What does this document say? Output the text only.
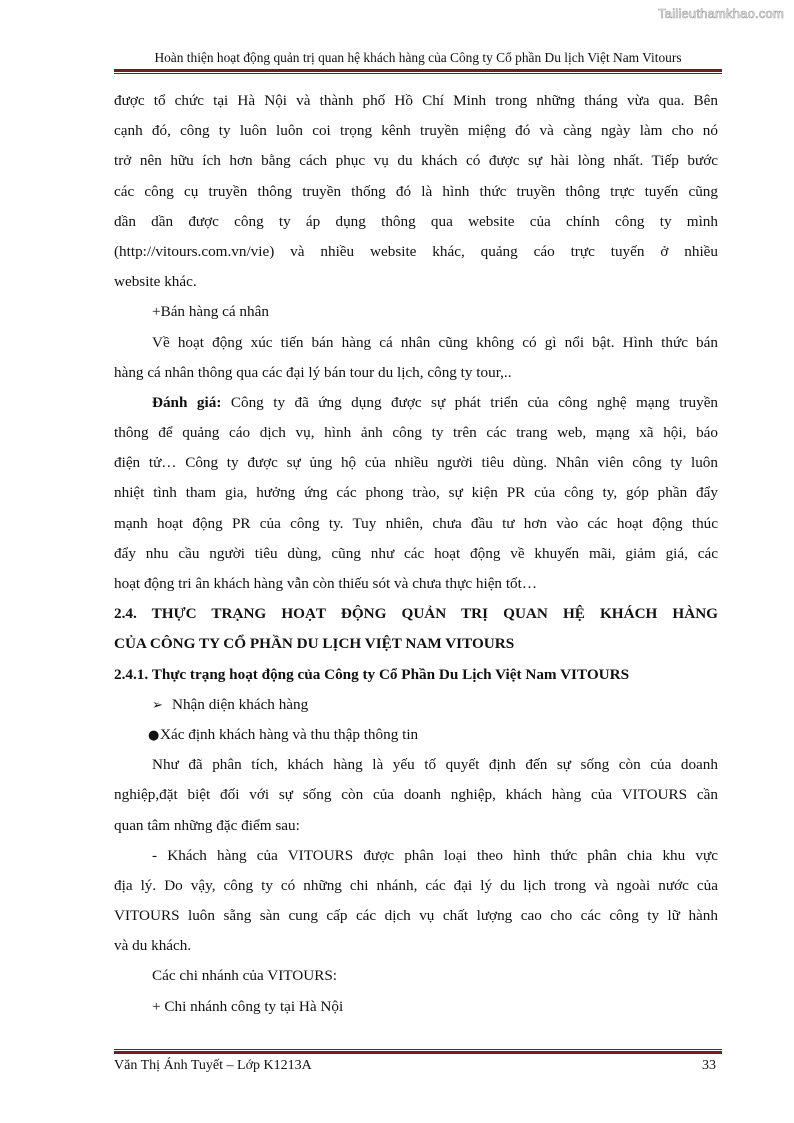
Tailieuthamkhao.com
Hoàn thiện hoạt động quản trị quan hệ khách hàng của Công ty Cổ phần Du lịch Việt Nam Vitours
được tổ chức tại Hà Nội và thành phố Hồ Chí Minh trong những tháng vừa qua. Bên
cạnh đó, công ty luôn luôn coi trọng kênh truyền miệng đó và càng ngày làm cho nó
trở nên hữu ích hơn bằng cách phục vụ du khách có được sự hài lòng nhất. Tiếp bước
các công cụ truyền thông truyền thống đó là hình thức truyền thông trực tuyến cũng
dần dần được công ty áp dụng thông qua website của chính công ty mình
(http://vitours.com.vn/vie) và nhiều website khác, quảng cáo trực tuyến ở nhiều
website khác.
+Bán hàng cá nhân
Về hoạt động xúc tiến bán hàng cá nhân cũng không có gì nổi bật. Hình thức bán
hàng cá nhân thông qua các đại lý bán tour du lịch, công ty tour,..
Đánh giá: Công ty đã ứng dụng được sự phát triển của công nghệ mạng truyền
thông để quảng cáo dịch vụ, hình ảnh công ty trên các trang web, mạng xã hội, báo
điện tử… Công ty được sự ủng hộ của nhiều người tiêu dùng. Nhân viên công ty luôn
nhiệt tình tham gia, hưởng ứng các phong trào, sự kiện PR của công ty, góp phần đẩy
mạnh hoạt động PR của công ty. Tuy nhiên, chưa đầu tư hơn vào các hoạt động thúc
đẩy nhu cầu người tiêu dùng, cũng như các hoạt động về khuyến mãi, giảm giá, các
hoạt động tri ân khách hàng vẫn còn thiếu sót và chưa thực hiện tốt…
2.4. THỰC TRẠNG HOẠT ĐỘNG QUẢN TRỊ QUAN HỆ KHÁCH HÀNG
CỦA CÔNG TY CỔ PHẦN DU LỊCH VIỆT NAM VITOURS
2.4.1. Thực trạng hoạt động của Công ty Cổ Phần Du Lịch Việt Nam VITOURS
➢ Nhận diện khách hàng
●Xác định khách hàng và thu thập thông tin
Như đã phân tích, khách hàng là yếu tố quyết định đến sự sống còn của doanh
nghiệp,đặt biệt đối với sự sống còn của doanh nghiệp, khách hàng của VITOURS cần
quan tâm những đặc điểm sau:
- Khách hàng của VITOURS được phân loại theo hình thức phân chia khu vực
địa lý. Do vậy, công ty có những chi nhánh, các đại lý du lịch trong và ngoài nước của
VITOURS luôn sẵng sàn cung cấp các dịch vụ chất lượng cao cho các công ty lữ hành
và du khách.
Các chi nhánh của VITOURS:
+ Chi nhánh công ty tại Hà Nội
Văn Thị Ánh Tuyết – Lớp K1213A	33
